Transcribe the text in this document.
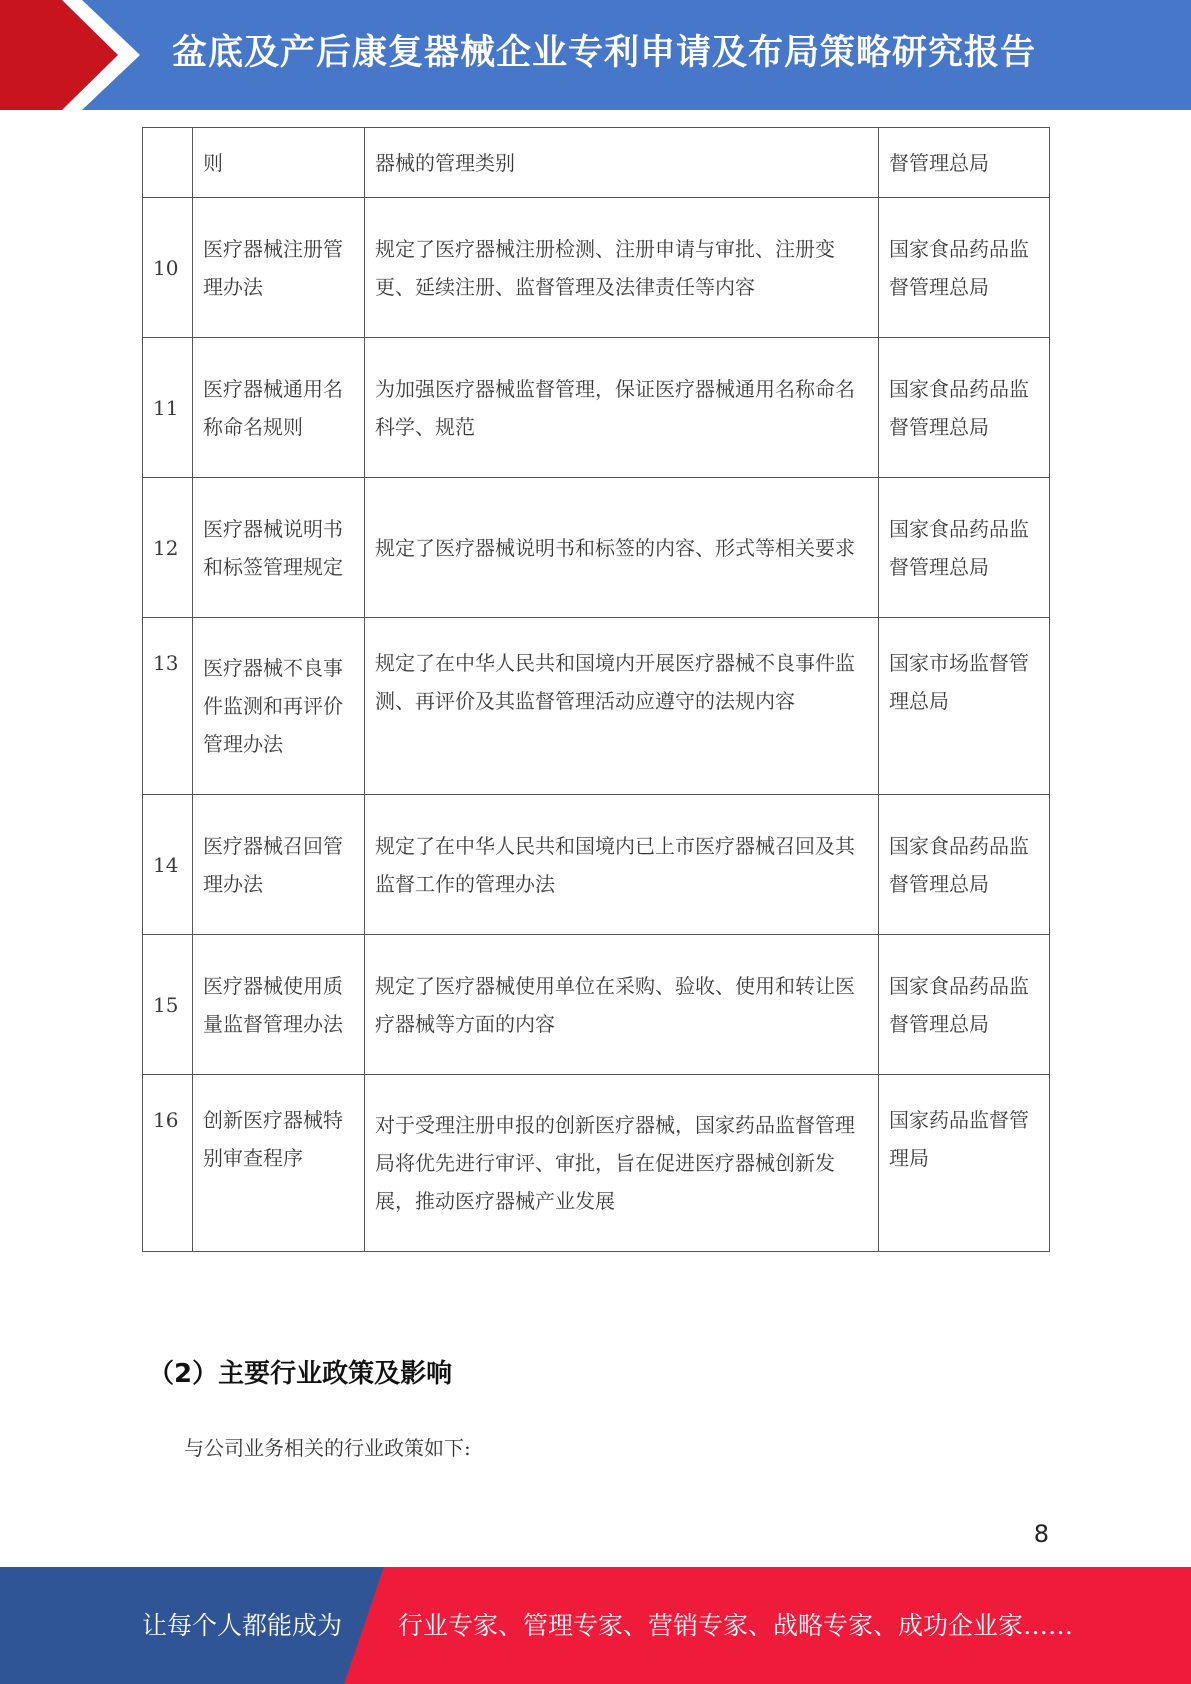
盆底及产后康复器械企业专利申请及布局策略研究报告
	则	器械的管理类别	督管理总局
10	医疗器械注册管理办法	规定了医疗器械注册检测、注册申请与审批、注册变更、延续注册、监督管理及法律责任等内容	国家食品药品监督管理总局
11	医疗器械通用名称命名规则	为加强医疗器械监督管理，保证医疗器械通用名称命名科学、规范	国家食品药品监督管理总局
12	医疗器械说明书和标签管理规定	规定了医疗器械说明书和标签的内容、形式等相关要求	国家食品药品监督管理总局
13	医疗器械不良事件监测和再评价管理办法	规定了在中华人民共和国境内开展医疗器械不良事件监测、再评价及其监督管理活动应遵守的法规内容	国家市场监督管理总局
14	医疗器械召回管理办法	规定了在中华人民共和国境内已上市医疗器械召回及其监督工作的管理办法	国家食品药品监督管理总局
15	医疗器械使用质量监督管理办法	规定了医疗器械使用单位在采购、验收、使用和转让医疗器械等方面的内容	国家食品药品监督管理总局
16	创新医疗器械特别审查程序	对于受理注册申报的创新医疗器械，国家药品监督管理局将优先进行审评、审批，旨在促进医疗器械创新发展，推动医疗器械产业发展	国家药品监督管理局
（2）主要行业政策及影响
与公司业务相关的行业政策如下:
8
让每个人都能成为 行业专家、管理专家、营销专家、战略专家、成功企业家……
